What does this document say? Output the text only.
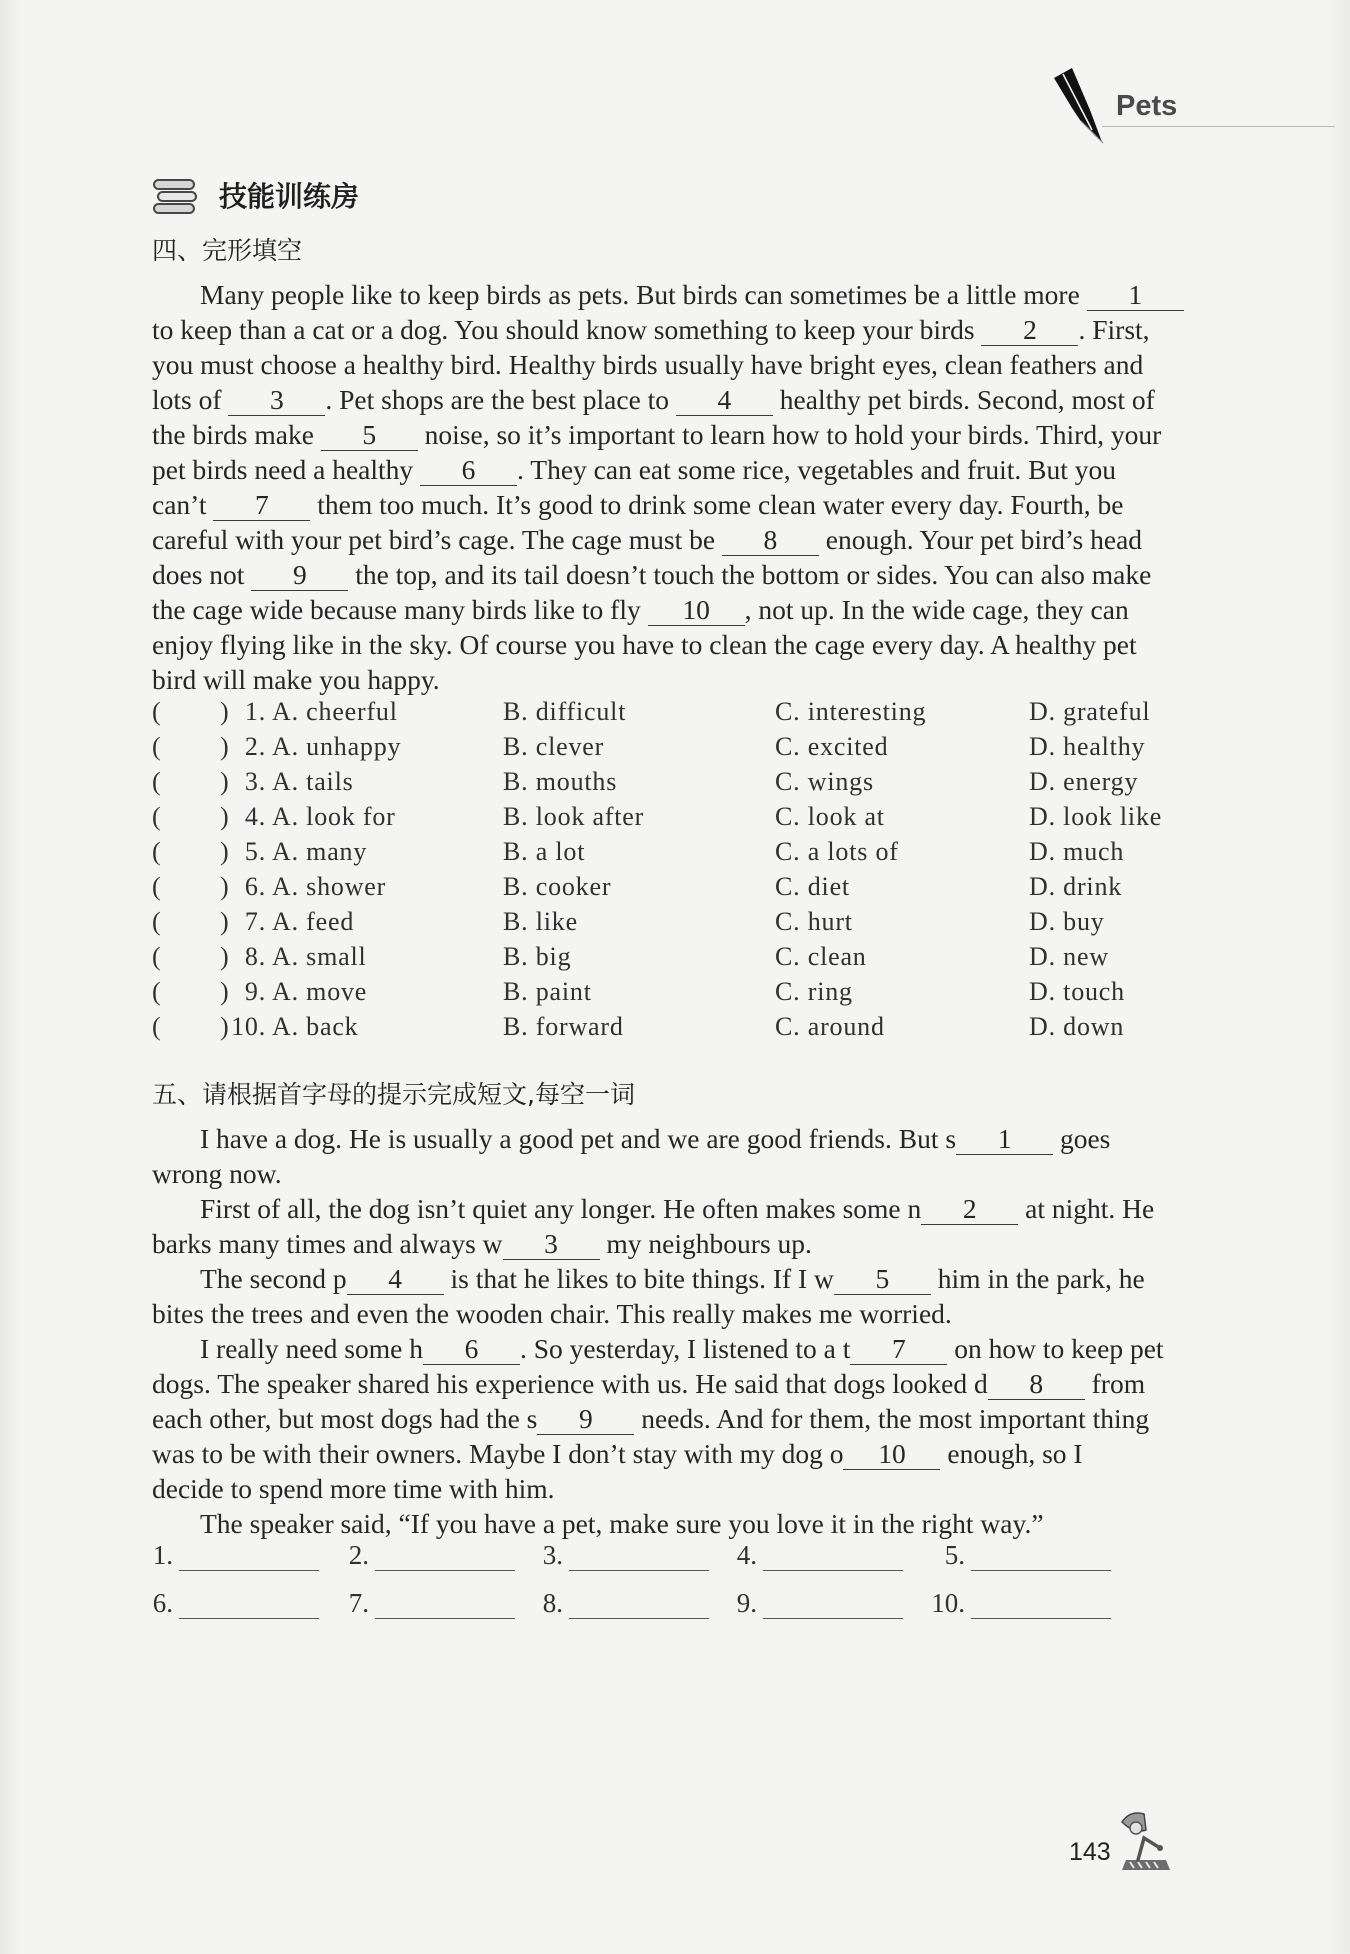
Pets
技能训练房
四、完形填空
Many people like to keep birds as pets. But birds can sometimes be a little more 1
to keep than a cat or a dog. You should know something to keep your birds 2 . First,
you must choose a healthy bird. Healthy birds usually have bright eyes, clean feathers and
lots of 3 . Pet shops are the best place to 4 healthy pet birds. Second, most of
the birds make 5 noise, so it’s important to learn how to hold your birds. Third, your
pet birds need a healthy 6 . They can eat some rice, vegetables and fruit. But you
can’t 7 them too much. It’s good to drink some clean water every day. Fourth, be
careful with your pet bird’s cage. The cage must be 8 enough. Your pet bird’s head
does not 9 the top, and its tail doesn’t touch the bottom or sides. You can also make
the cage wide because many birds like to fly 10 , not up. In the wide cage, they can
enjoy flying like in the sky. Of course you have to clean the cage every day. A healthy pet
bird will make you happy.
( ) 1. A. cheerful	B. difficult	C. interesting	D. grateful
( ) 2. A. unhappy	B. clever	C. excited	D. healthy
( ) 3. A. tails	B. mouths	C. wings	D. energy
( ) 4. A. look for	B. look after	C. look at	D. look like
( ) 5. A. many	B. a lot	C. a lots of	D. much
( ) 6. A. shower	B. cooker	C. diet	D. drink
( ) 7. A. feed	B. like	C. hurt	D. buy
( ) 8. A. small	B. big	C. clean	D. new
( ) 9. A. move	B. paint	C. ring	D. touch
( ) 10. A. back	B. forward	C. around	D. down
五、请根据首字母的提示完成短文,每空一词
I have a dog. He is usually a good pet and we are good friends. But s 1 goes
wrong now.
First of all, the dog isn’t quiet any longer. He often makes some n 2 at night. He
barks many times and always w 3 my neighbours up.
The second p 4 is that he likes to bite things. If I w 5 him in the park, he
bites the trees and even the wooden chair. This really makes me worried.
I really need some h 6 . So yesterday, I listened to a t 7 on how to keep pet
dogs. The speaker shared his experience with us. He said that dogs looked d 8 from
each other, but most dogs had the s 9 needs. And for them, the most important thing
was to be with their owners. Maybe I don’t stay with my dog o 10 enough, so I
decide to spend more time with him.
The speaker said, “If you have a pet, make sure you love it in the right way.”
1.	2.	3.	4.	5.
6.	7.	8.	9.	10.
143
